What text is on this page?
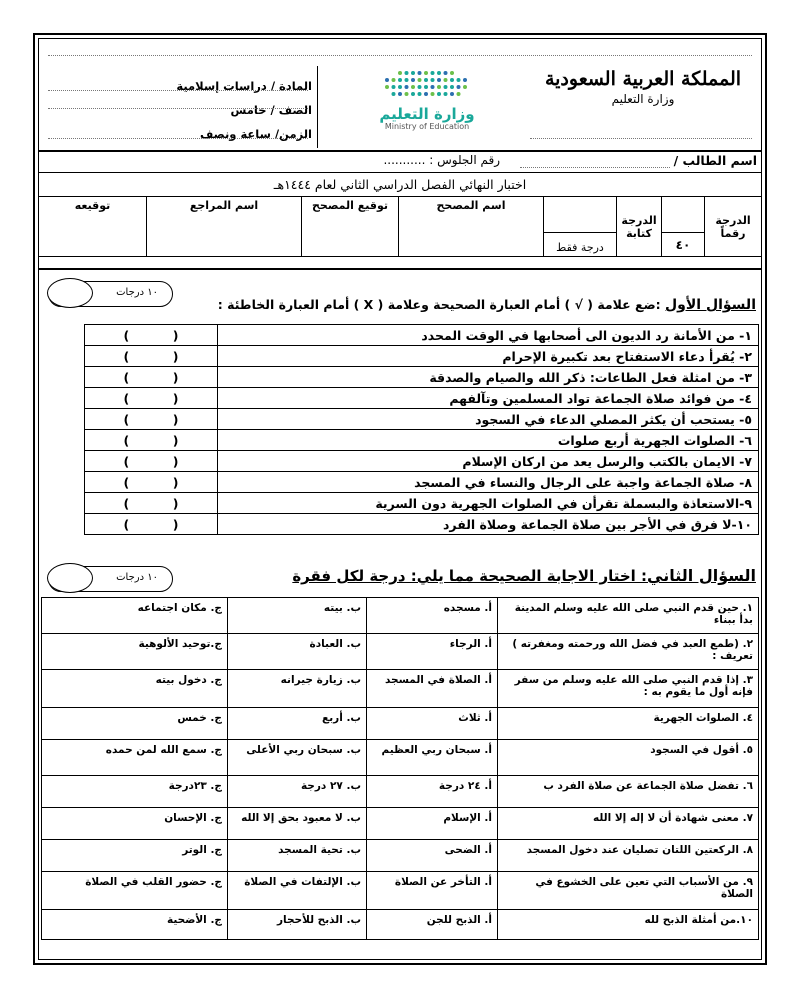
المملكة العربية السعودية
وزارة التعليم
وزارة التعليم
Ministry of Education
المادة / دراسات إسلامية
الصف / خامس
الزمن/ ساعة ونصف
اسم الطالب /
رقم الجلوس : ...........
اختبار النهائي الفصل الدراسي الثاني لعام ١٤٤٤هـ
الدرجة رقماً		الدرجة كتابة		اسم المصحح	توقيع المصحح	اسم المراجع	توقيعه
	٤٠		درجة فقط				
١٠ درجات
السؤال الأول :ضع علامة ( √ ) أمام العبارة الصحيحة وعلامة ( X ) أمام العبارة الخاطئة :
١- من الأمانة رد الديون الى أصحابها في الوقت المحدد	(          )
٢- يُقرأ دعاء الاستفتاح بعد تكبيرة الإحرام	(          )
٣- من امثلة فعل الطاعات: ذكر الله والصيام والصدقة	(          )
٤- من فوائد صلاة الجماعة تواد المسلمين وتآلفهم	(          )
٥- يستحب أن يكثر المصلي الدعاء في السجود	(          )
٦- الصلوات الجهرية أربع صلوات	(          )
٧- الايمان بالكتب والرسل يعد من اركان الإسلام	(          )
٨- صلاة الجماعة واجبة على الرجال والنساء في المسجد	(          )
٩-الاستعاذة والبسملة تقرأن في الصلوات الجهرية دون السرية	(          )
١٠-لا فرق في الأجر بين صلاة الجماعة وصلاة الفرد	(          )
١٠ درجات	السؤال الثاني: اختار الاجابة الصحيحة مما يلي: درجة لكل فقرة
١. حين قدم النبي صلى الله عليه وسلم المدينة بدأ ببناء	أ. مسجده	ب. بيته	ج. مكان اجتماعه
٢. (طمع العبد في فضل الله ورحمته ومغفرته ) تعريف :	أ. الرجاء	ب. العبادة	ج.توحيد الألوهية
٣. إذا قدم النبي صلى الله عليه وسلم من سفر فإنه أول ما يقوم به :	أ. الصلاة في المسجد	ب. زيارة جيرانه	ج. دخول بيته
٤. الصلوات الجهرية	أ. ثلاث	ب. أربع	ج. خمس
٥. أقول في السجود	أ. سبحان ربي العظيم	ب. سبحان ربي الأعلى	ج. سمع الله لمن حمده
٦. تفضل صلاة الجماعة عن صلاة الفرد ب	أ. ٢٤ درجة	ب. ٢٧ درجة	ج. ٢٣درجة
٧. معنى شهادة أن لا إله إلا الله	أ. الإسلام	ب. لا معبود بحق إلا الله	ج. الإحسان
٨. الركعتين اللتان تصليان عند دخول المسجد	أ. الضحى	ب. تحية المسجد	ج. الوتر
٩. من الأسباب التي تعين على الخشوع في الصلاة	أ. التأخر عن الصلاة	ب. الإلتفات في الصلاة	ج. حضور القلب في الصلاة
١٠.من أمثلة الذبح لله	أ. الذبح للجن	ب. الذبح للأحجار	ج. الأضحية
